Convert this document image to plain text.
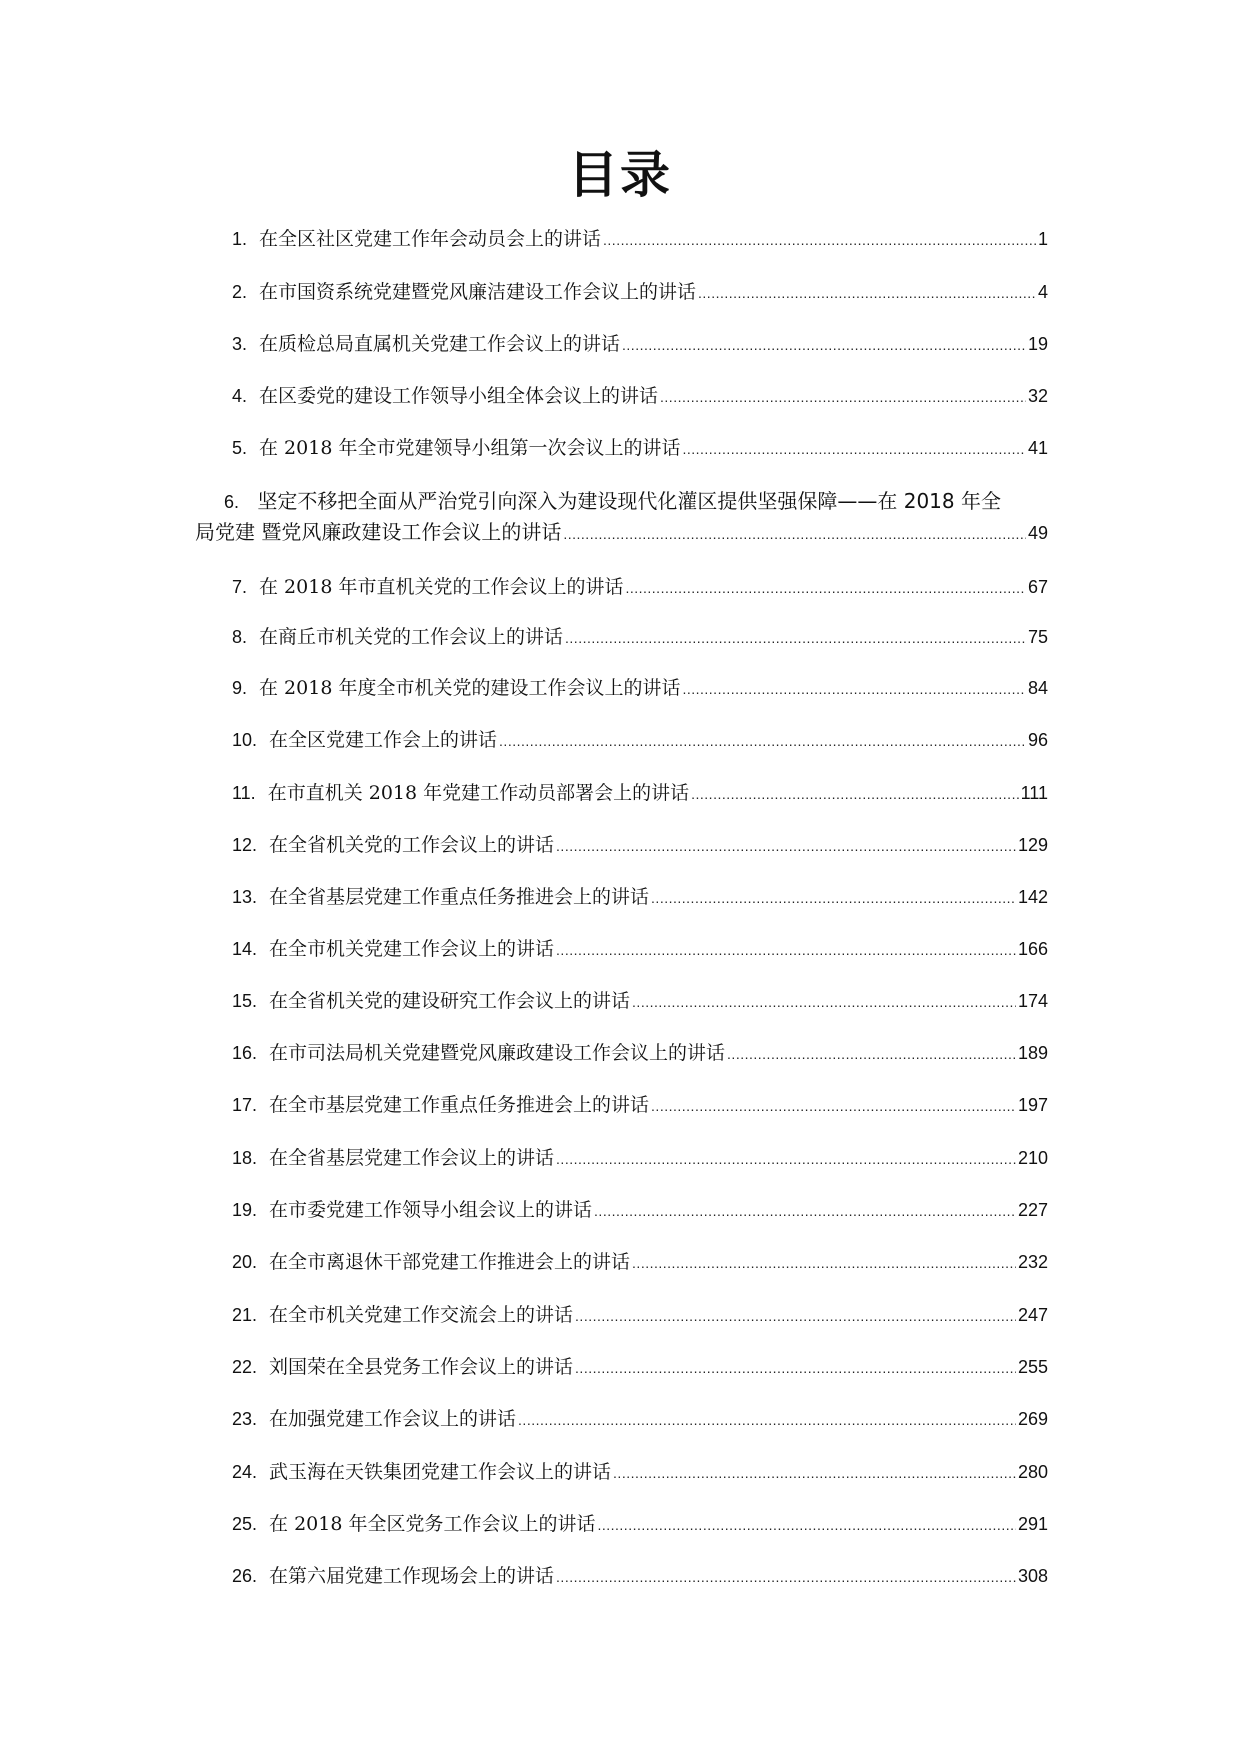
目录
1. 在全区社区党建工作年会动员会上的讲话 .....	1
2. 在市国资系统党建暨党风廉洁建设工作会议上的讲话 .....	4
3. 在质检总局直属机关党建工作会议上的讲话 .....	19
4. 在区委党的建设工作领导小组全体会议上的讲话 .....	32
5. 在 2018 年全市党建领导小组第一次会议上的讲话 .....	41
6. 坚定不移把全面从严治党引向深入为建设现代化灌区提供坚强保障——在 2018 年全
局党建 暨党风廉政建设工作会议上的讲话 .....	49
7. 在 2018 年市直机关党的工作会议上的讲话 .....	67
8. 在商丘市机关党的工作会议上的讲话 .....	75
9. 在 2018 年度全市机关党的建设工作会议上的讲话 .....	84
10. 在全区党建工作会上的讲话 .....	96
11. 在市直机关 2018 年党建工作动员部署会上的讲话 .....	111
12. 在全省机关党的工作会议上的讲话 .....	129
13. 在全省基层党建工作重点任务推进会上的讲话 .....	142
14. 在全市机关党建工作会议上的讲话 .....	166
15. 在全省机关党的建设研究工作会议上的讲话 .....	174
16. 在市司法局机关党建暨党风廉政建设工作会议上的讲话 .....	189
17. 在全市基层党建工作重点任务推进会上的讲话 .....	197
18. 在全省基层党建工作会议上的讲话 .....	210
19. 在市委党建工作领导小组会议上的讲话 .....	227
20. 在全市离退休干部党建工作推进会上的讲话 .....	232
21. 在全市机关党建工作交流会上的讲话 .....	247
22. 刘国荣在全县党务工作会议上的讲话 .....	255
23. 在加强党建工作会议上的讲话 .....	269
24. 武玉海在天铁集团党建工作会议上的讲话 .....	280
25. 在 2018 年全区党务工作会议上的讲话 .....	291
26. 在第六届党建工作现场会上的讲话 .....	308
